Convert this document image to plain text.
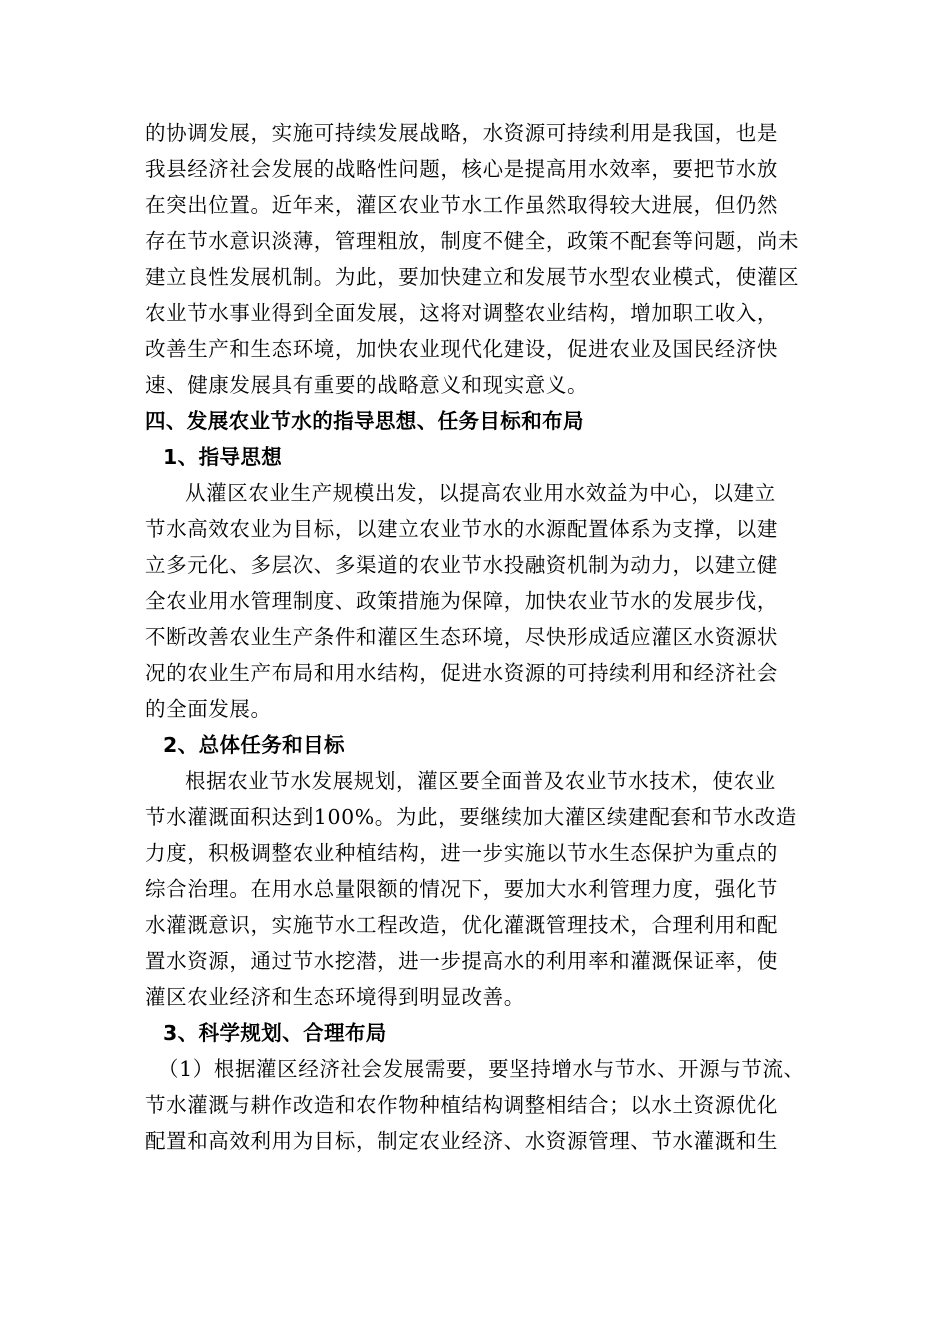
的协调发展，实施可持续发展战略，水资源可持续利用是我国，也是
我县经济社会发展的战略性问题，核心是提高用水效率，要把节水放
在突出位置。近年来，灌区农业节水工作虽然取得较大进展，但仍然
存在节水意识淡薄，管理粗放，制度不健全，政策不配套等问题，尚未
建立良性发展机制。为此，要加快建立和发展节水型农业模式，使灌区
农业节水事业得到全面发展，这将对调整农业结构，增加职工收入，
改善生产和生态环境，加快农业现代化建设，促进农业及国民经济快
速、健康发展具有重要的战略意义和现实意义。
四、发展农业节水的指导思想、任务目标和布局
1、指导思想
从灌区农业生产规模出发，以提高农业用水效益为中心，以建立
节水高效农业为目标，以建立农业节水的水源配置体系为支撑，以建
立多元化、多层次、多渠道的农业节水投融资机制为动力，以建立健
全农业用水管理制度、政策措施为保障，加快农业节水的发展步伐，
不断改善农业生产条件和灌区生态环境，尽快形成适应灌区水资源状
况的农业生产布局和用水结构，促进水资源的可持续利用和经济社会
的全面发展。
2、总体任务和目标
根据农业节水发展规划，灌区要全面普及农业节水技术，使农业
节水灌溉面积达到100%。为此，要继续加大灌区续建配套和节水改造
力度，积极调整农业种植结构，进一步实施以节水生态保护为重点的
综合治理。在用水总量限额的情况下，要加大水利管理力度，强化节
水灌溉意识，实施节水工程改造，优化灌溉管理技术，合理利用和配
置水资源，通过节水挖潜，进一步提高水的利用率和灌溉保证率，使
灌区农业经济和生态环境得到明显改善。
3、科学规划、合理布局
（1）根据灌区经济社会发展需要，要坚持增水与节水、开源与节流、
节水灌溉与耕作改造和农作物种植结构调整相结合；以水土资源优化
配置和高效利用为目标，制定农业经济、水资源管理、节水灌溉和生
